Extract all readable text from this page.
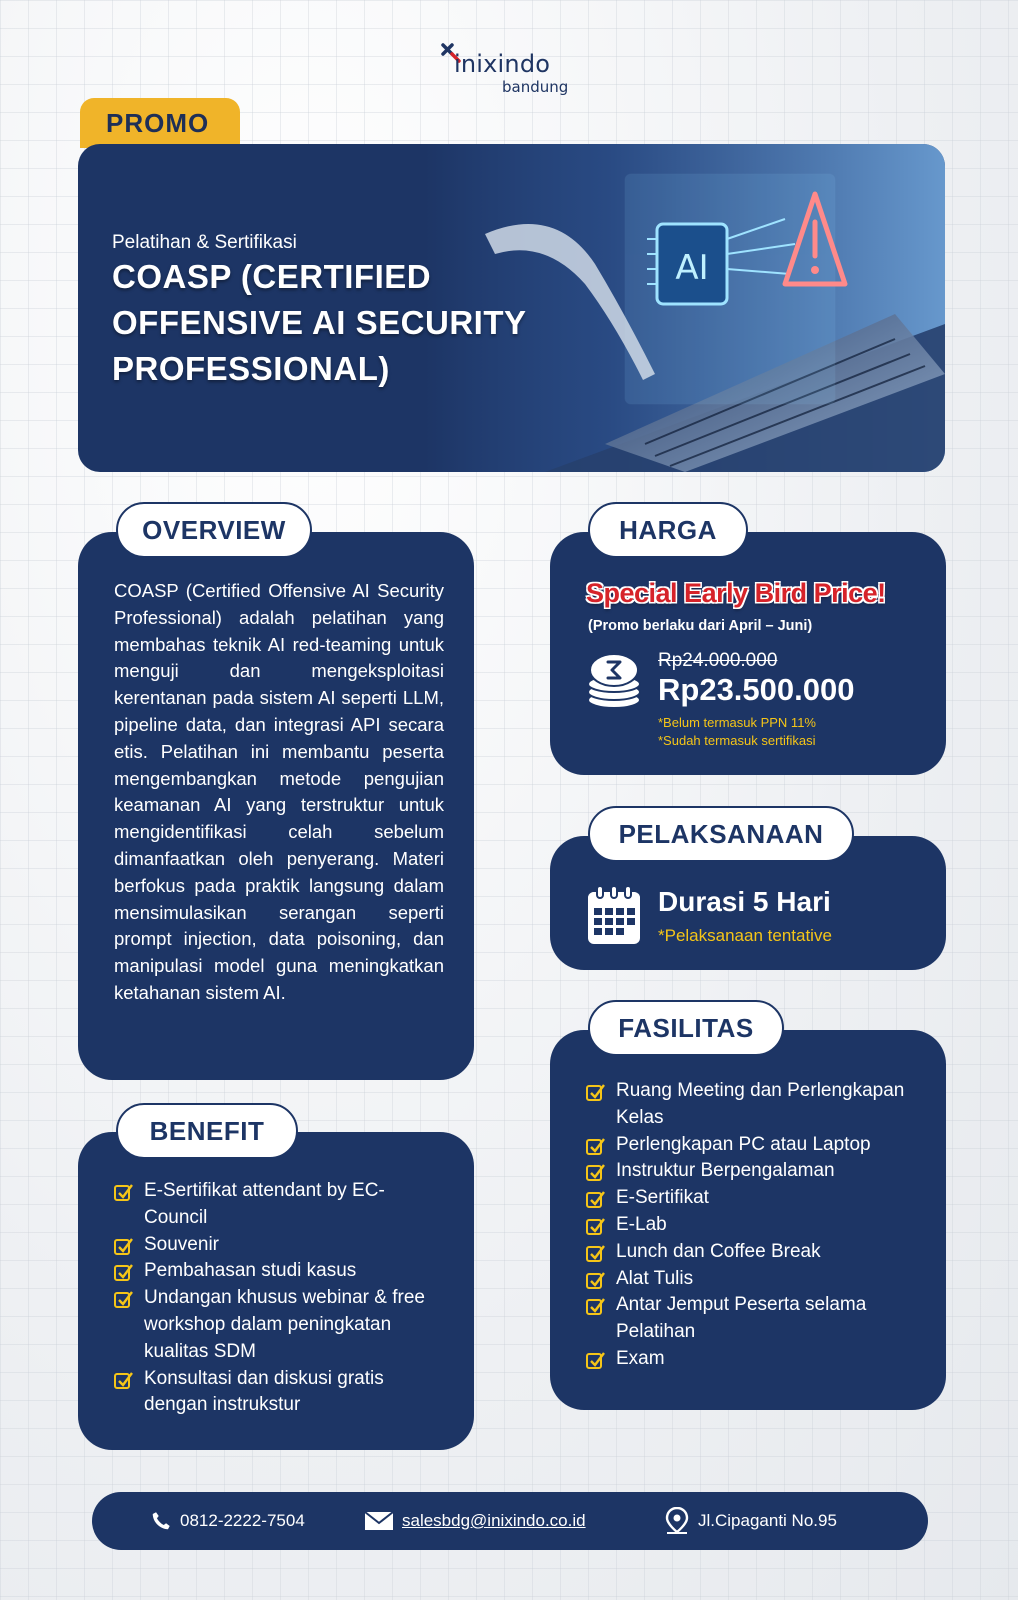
inixindo
bandung
PROMO
AI
Pelatihan & Sertifikasi
COASP (CERTIFIED OFFENSIVE AI SECURITY PROFESSIONAL)

COASP (Certified Offensive AI Security Professional) adalah pelatihan yang membahas teknik AI red-teaming untuk menguji dan mengeksploitasi kerentanan pada sistem AI seperti LLM, pipeline data, dan integrasi API secara etis. Pelatihan ini membantu peserta mengembangkan metode pengujian keamanan AI yang terstruktur untuk mengidentifikasi celah sebelum dimanfaatkan oleh penyerang. Materi berfokus pada praktik langsung dalam mensimulasikan serangan seperti prompt injection, data poisoning, dan manipulasi model guna meningkatkan ketahanan sistem AI.

OVERVIEW
E-Sertifikat attendant by EC-Council
Souvenir
Pembahasan studi kasus
Undangan khusus webinar & free workshop dalam peningkatan kualitas SDM
Konsultasi dan diskusi gratis dengan instrukstur
BENEFIT
Special Early Bird Price!
(Promo berlaku dari April – Juni)
Rp24.000.000
Rp23.500.000
*Belum termasuk PPN 11%
*Sudah termasuk sertifikasi
HARGA
Durasi 5 Hari
*Pelaksanaan tentative
PELAKSANAAN
Ruang Meeting dan Perlengkapan Kelas
Perlengkapan PC atau Laptop
Instruktur Berpengalaman
E-Sertifikat
E-Lab
Lunch dan Coffee Break
Alat Tulis
Antar Jemput Peserta selama Pelatihan
Exam
FASILITAS
0812-2222-7504	salesbdg@inixindo.co.id	Jl.Cipaganti No.95
